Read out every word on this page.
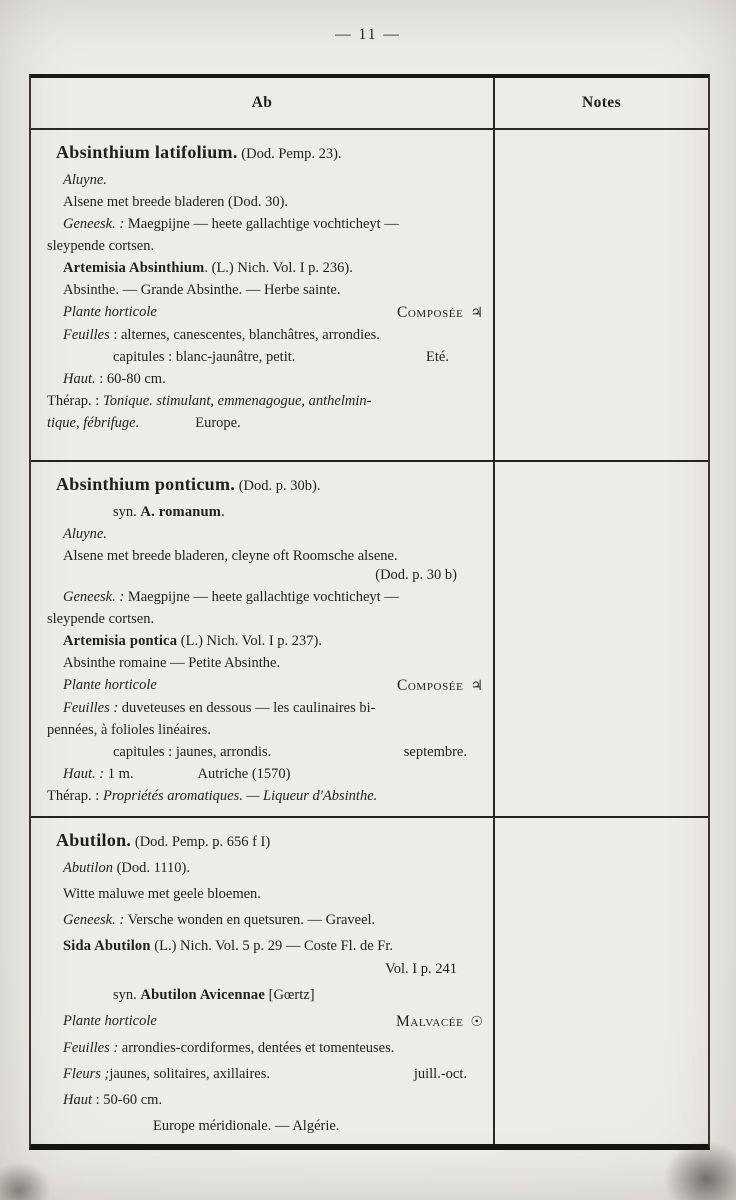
— 11 —
Ab	Notes
Absinthium latifolium. (Dod. Pemp. 23).
Aluyne.
Alsene met breede bladeren (Dod. 30).
Geneesk. : Maegpijne — heete gallachtige vochticheyt —
sleypende cortsen.
Artemisia Absinthium. (L.) Nich. Vol. I p. 236).
Absinthe. — Grande Absinthe. — Herbe sainte.
Plante horticole	Composée ♃
Feuilles : alternes, canescentes, blanchâtres, arrondies.
capitules : blanc-jaunâtre, petit.	Eté.
Haut. : 60-80 cm.
Thérap. : Tonique. stimulant, emmenagogue, anthelmin-
tique, fébrifuge.	Europe.
Absinthium ponticum. (Dod. p. 30b).
syn. A. romanum.
Aluyne.
Alsene met breede bladeren, cleyne oft Roomsche alsene.
(Dod. p. 30 b)
Geneesk. : Maegpijne — heete gallachtige vochticheyt —
sleypende cortsen.
Artemisia pontica (L.) Nich. Vol. I p. 237).
Absinthe romaine — Petite Absinthe.
Plante horticole	Composée ♃
Feuilles : duveteuses en dessous — les caulinaires bi-
pennées, à folioles linéaires.
capitules : jaunes, arrondis.	septembre.
Haut. : 1 m.	Autriche (1570)
Thérap. : Propriétés aromatiques. — Liqueur d'Absinthe.
Abutilon. (Dod. Pemp. p. 656 f I)
Abutilon (Dod. 1110).
Witte maluwe met geele bloemen.
Geneesk. : Versche wonden en quetsuren. — Graveel.
Sida Abutilon (L.) Nich. Vol. 5 p. 29 — Coste Fl. de Fr.
Vol. I p. 241
syn. Abutilon Avicennae [Gœrtz]
Plante horticole	Malvacée ☉
Feuilles : arrondies-cordiformes, dentées et tomenteuses.
Fleurs ; jaunes, solitaires, axillaires.	juill.-oct.
Haut : 50-60 cm.
Europe méridionale. — Algérie.
